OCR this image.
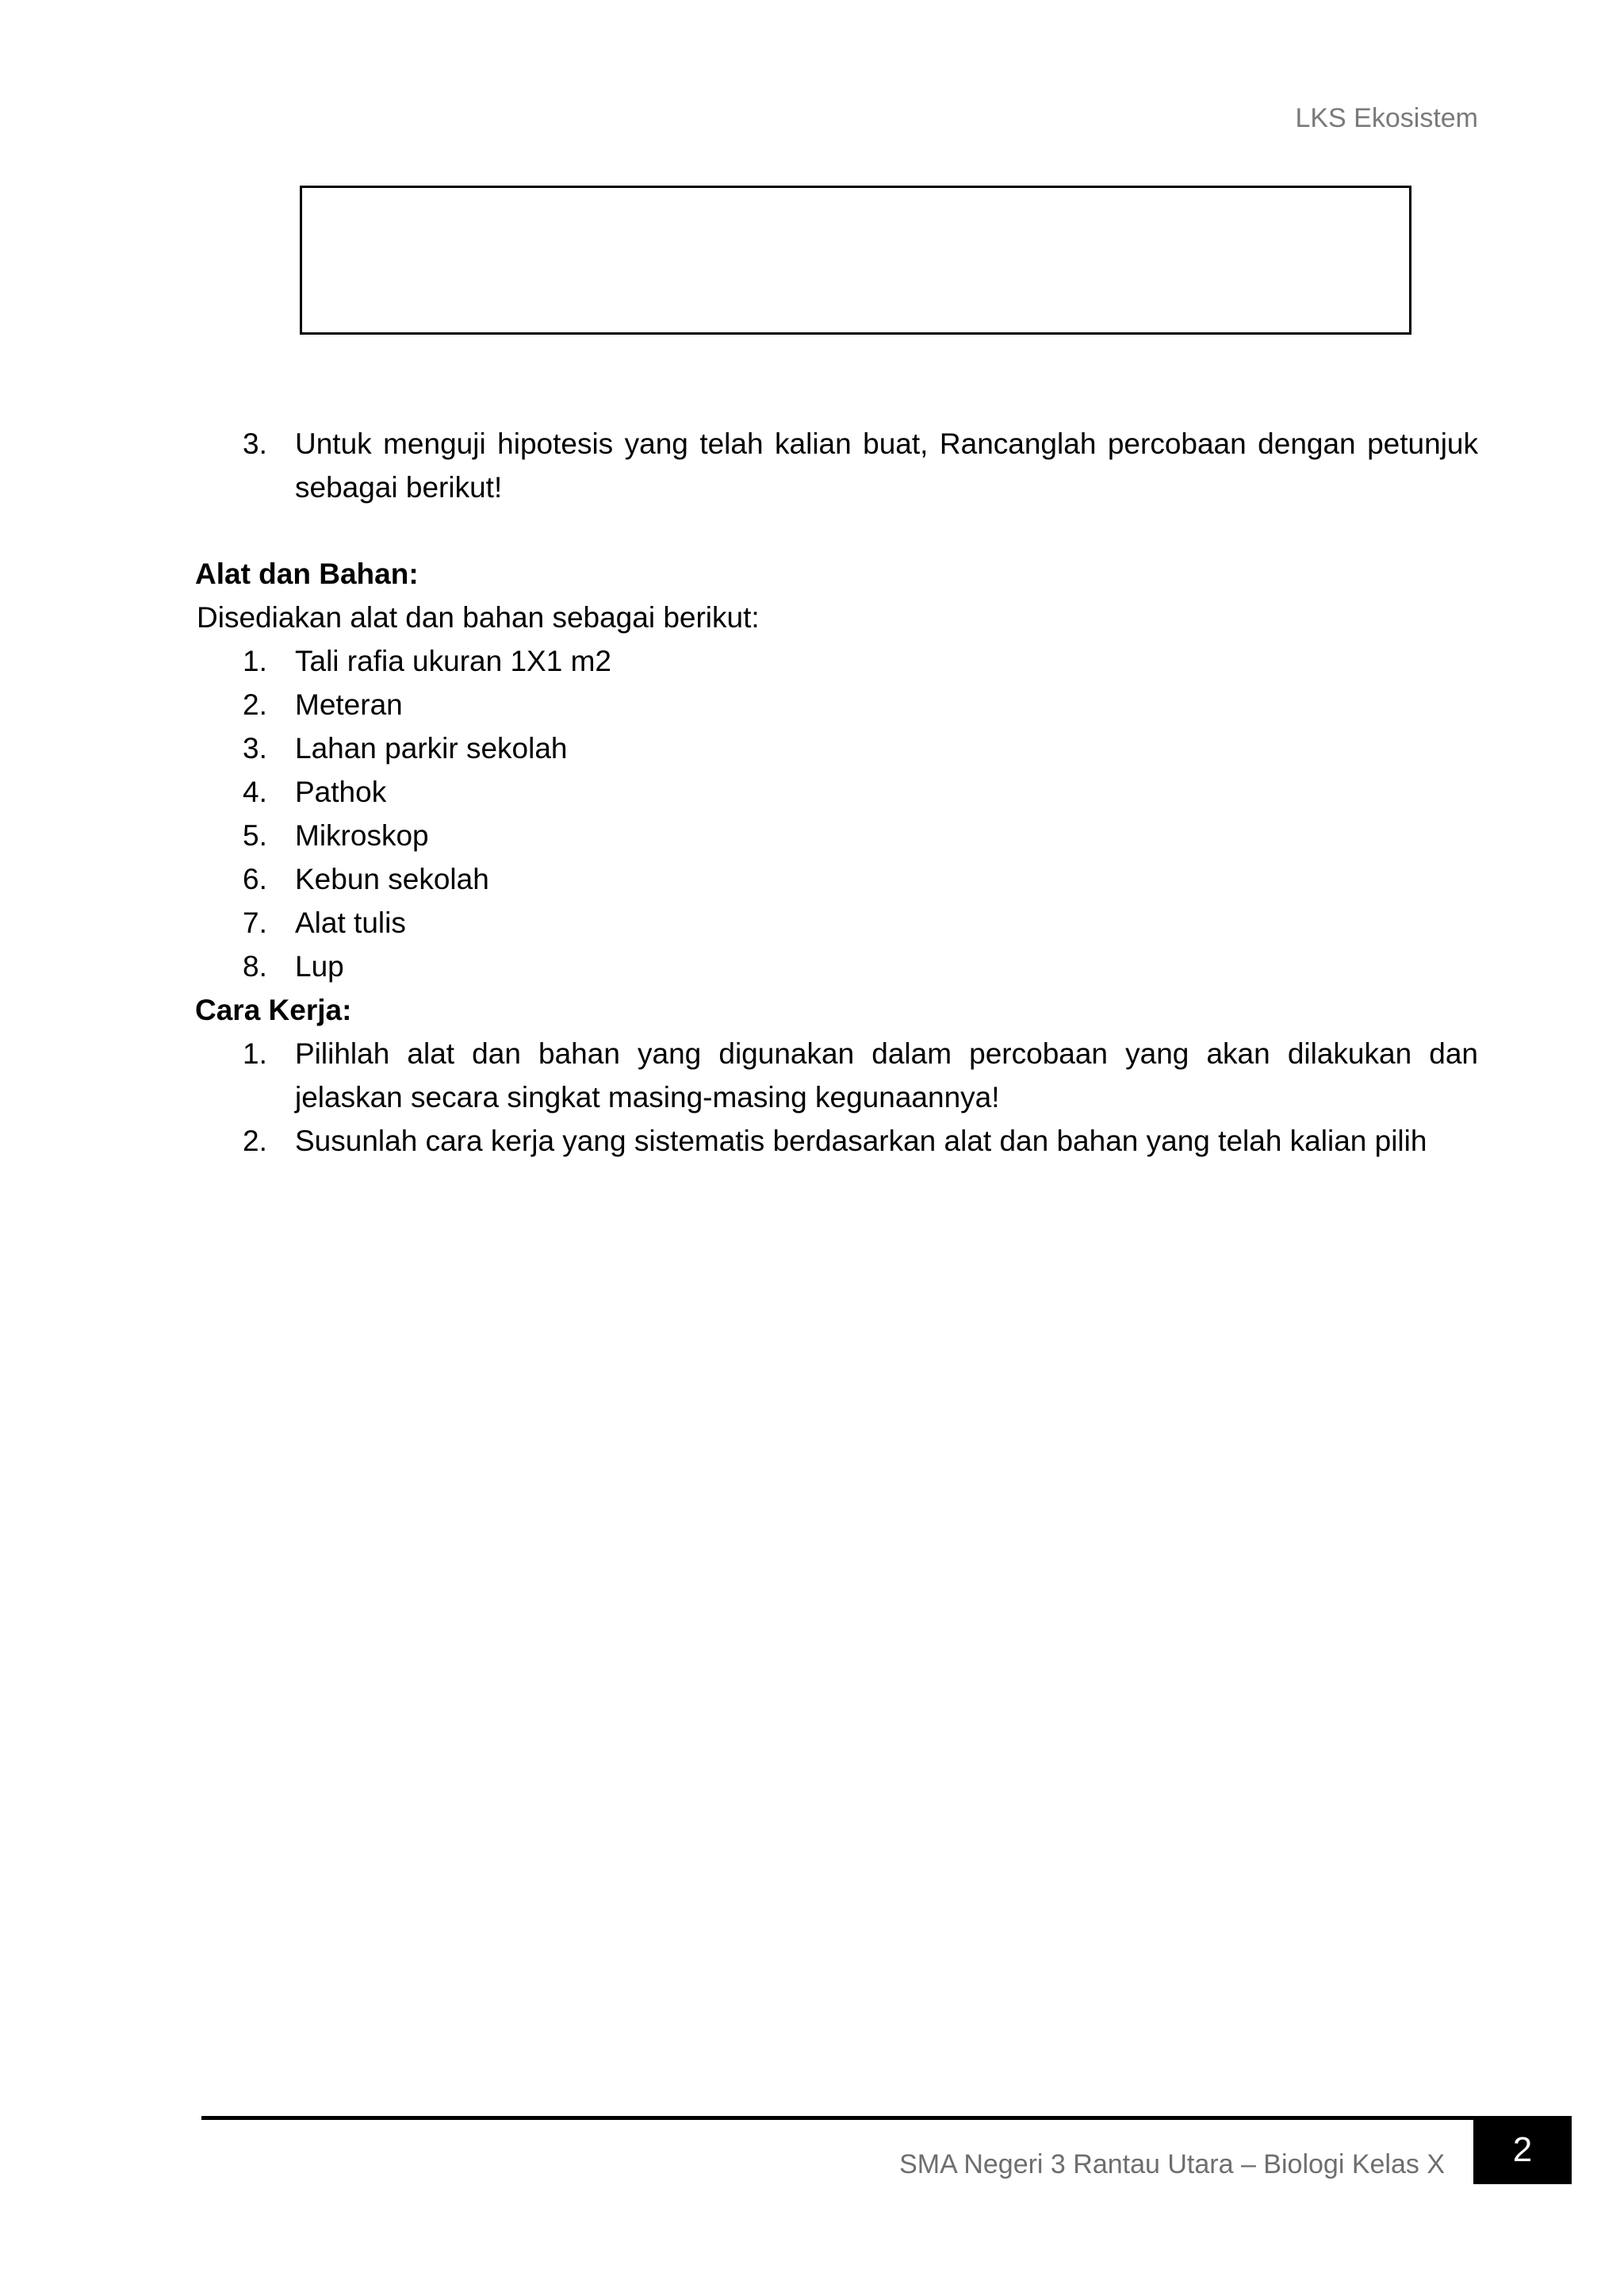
LKS Ekosistem
3. Untuk menguji hipotesis yang telah kalian buat, Rancanglah percobaan dengan petunjuk sebagai berikut!
Alat dan Bahan:
Disediakan alat dan bahan sebagai berikut:
1. Tali rafia ukuran 1X1 m2
2. Meteran
3. Lahan parkir sekolah
4. Pathok
5. Mikroskop
6. Kebun sekolah
7. Alat tulis
8. Lup
Cara Kerja:
1. Pilihlah alat dan bahan yang digunakan dalam percobaan yang akan dilakukan dan jelaskan secara singkat masing-masing kegunaannya!
2. Susunlah cara kerja yang sistematis berdasarkan alat dan bahan yang telah kalian pilih
SMA Negeri 3 Rantau Utara – Biologi Kelas X	2
